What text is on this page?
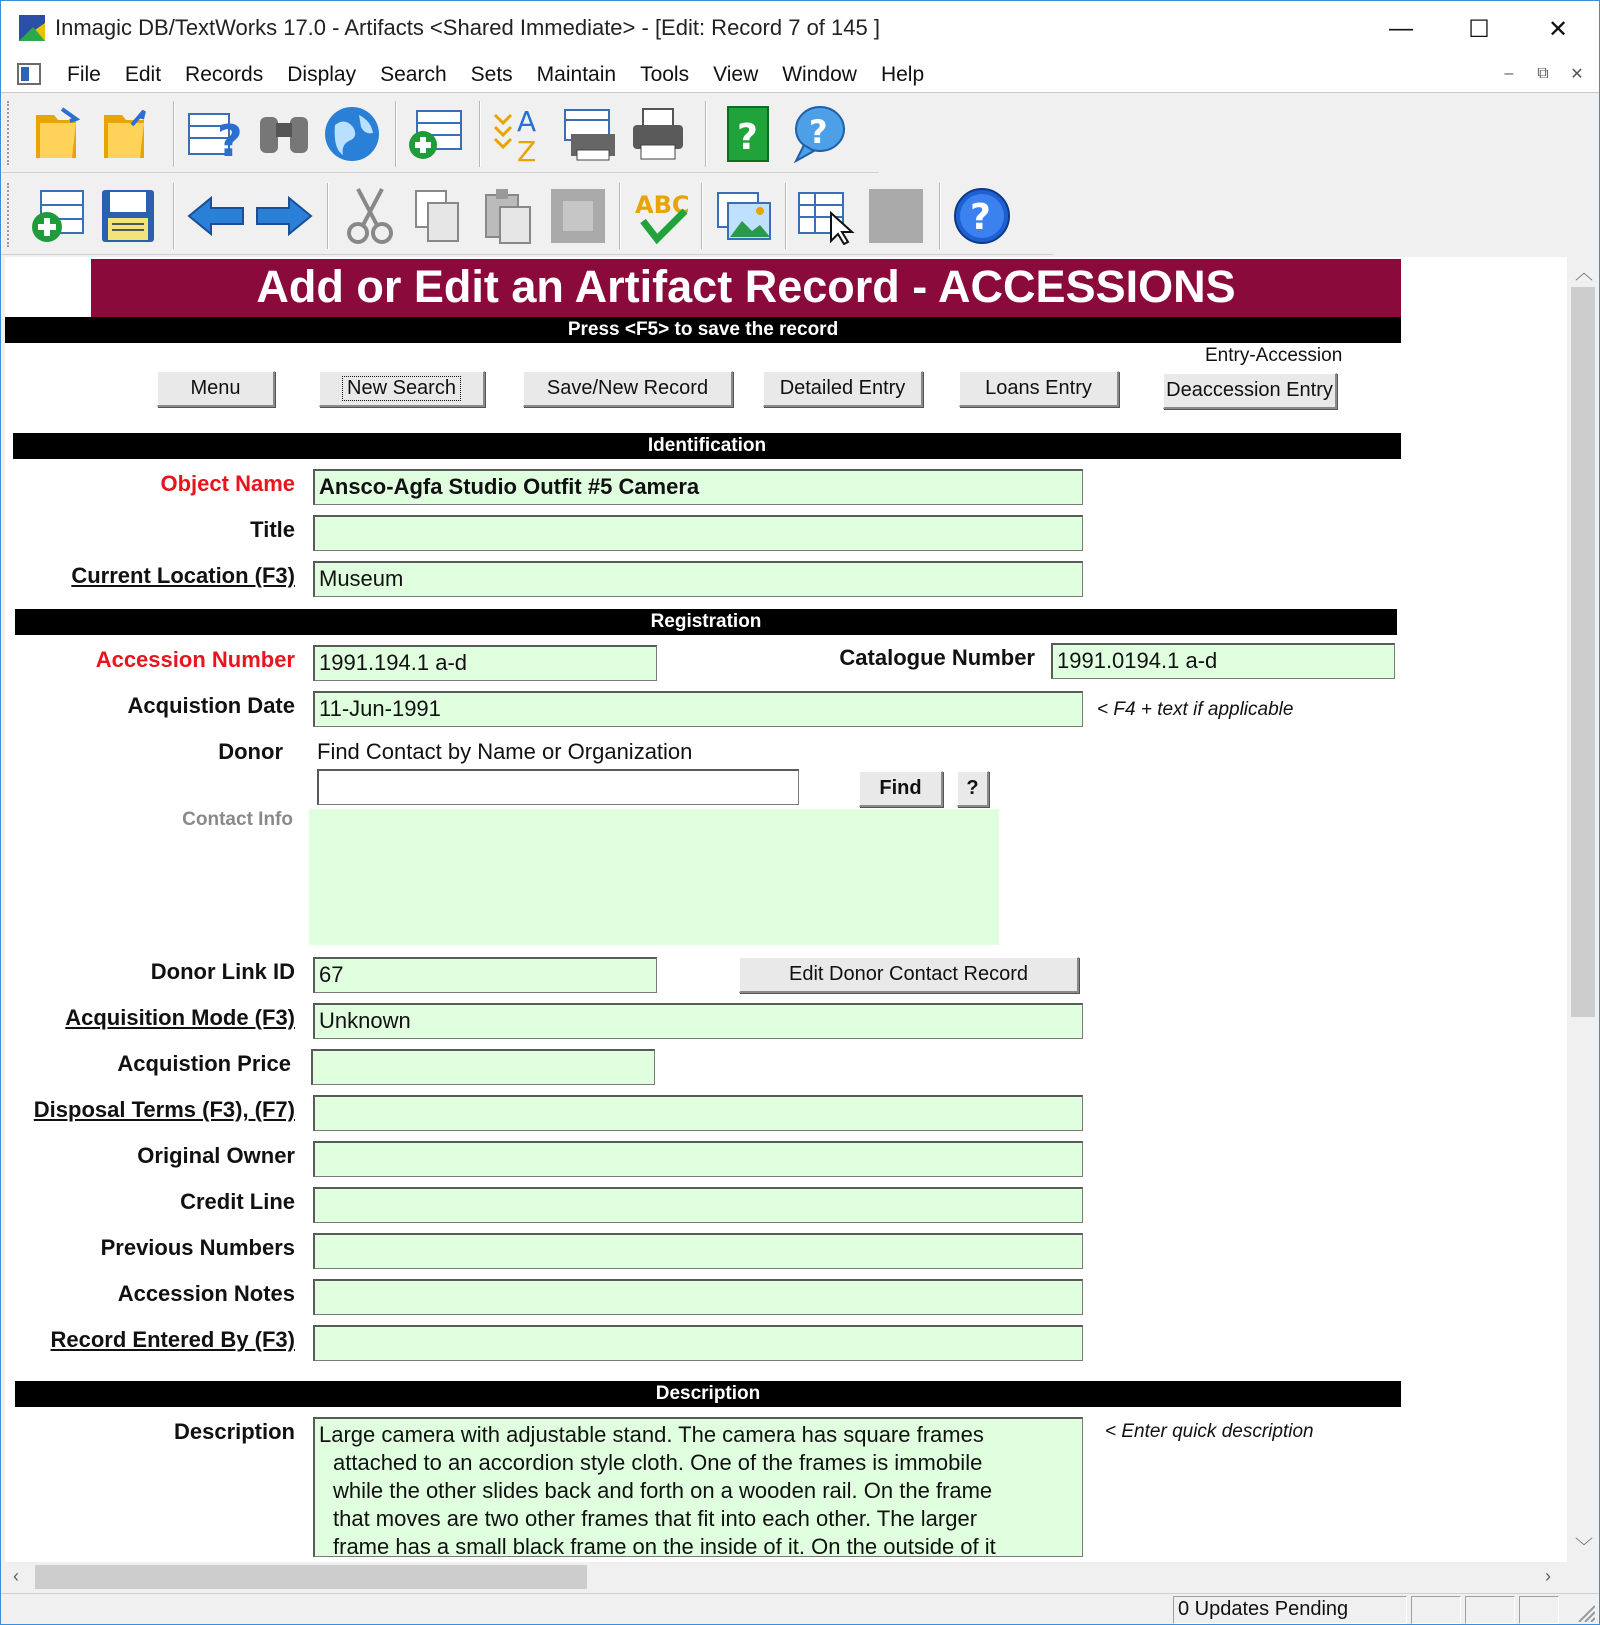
Inmagic DB/TextWorks 17.0 - Artifacts <Shared Immediate> - [Edit: Record 7 of 145 ]	—	☐	✕
File	Edit	Records	Display	Search	Sets	Maintain	Tools	View	Window	Help	–	⧉	✕
?	A
Z	? ?
ABC	?
Add or Edit an Artifact Record - ACCESSIONS
Press <F5> to save the record
Entry-Accession
Menu	New Search	Save/New Record	Detailed Entry	Loans Entry	Deaccession Entry
Identification
Object Name Ansco-Agfa Studio Outfit #5 Camera
Title
Current Location (F3) Museum
Registration
Accession Number 1991.194.1 a-d	Catalogue Number 1991.0194.1 a-d
Acquistion Date 11-Jun-1991	< F4 + text if applicable
Donor Find Contact by Name or Organization
Find ?
Contact Info
Donor Link ID 67	Edit Donor Contact Record
Acquisition Mode (F3) Unknown
Acquistion Price
Disposal Terms (F3), (F7)
Original Owner
Credit Line
Previous Numbers
Accession Notes
Record Entered By (F3)
Description
Description Large camera with adjustable stand. The camera has square frames
attached to an accordion style cloth. One of the frames is immobile
while the other slides back and forth on a wooden rail. On the frame
that moves are two other frames that fit into each other. The larger
frame has a small black frame on the inside of it. On the outside of it
< Enter quick description
︿
﹀
‹	›
0 Updates Pending
